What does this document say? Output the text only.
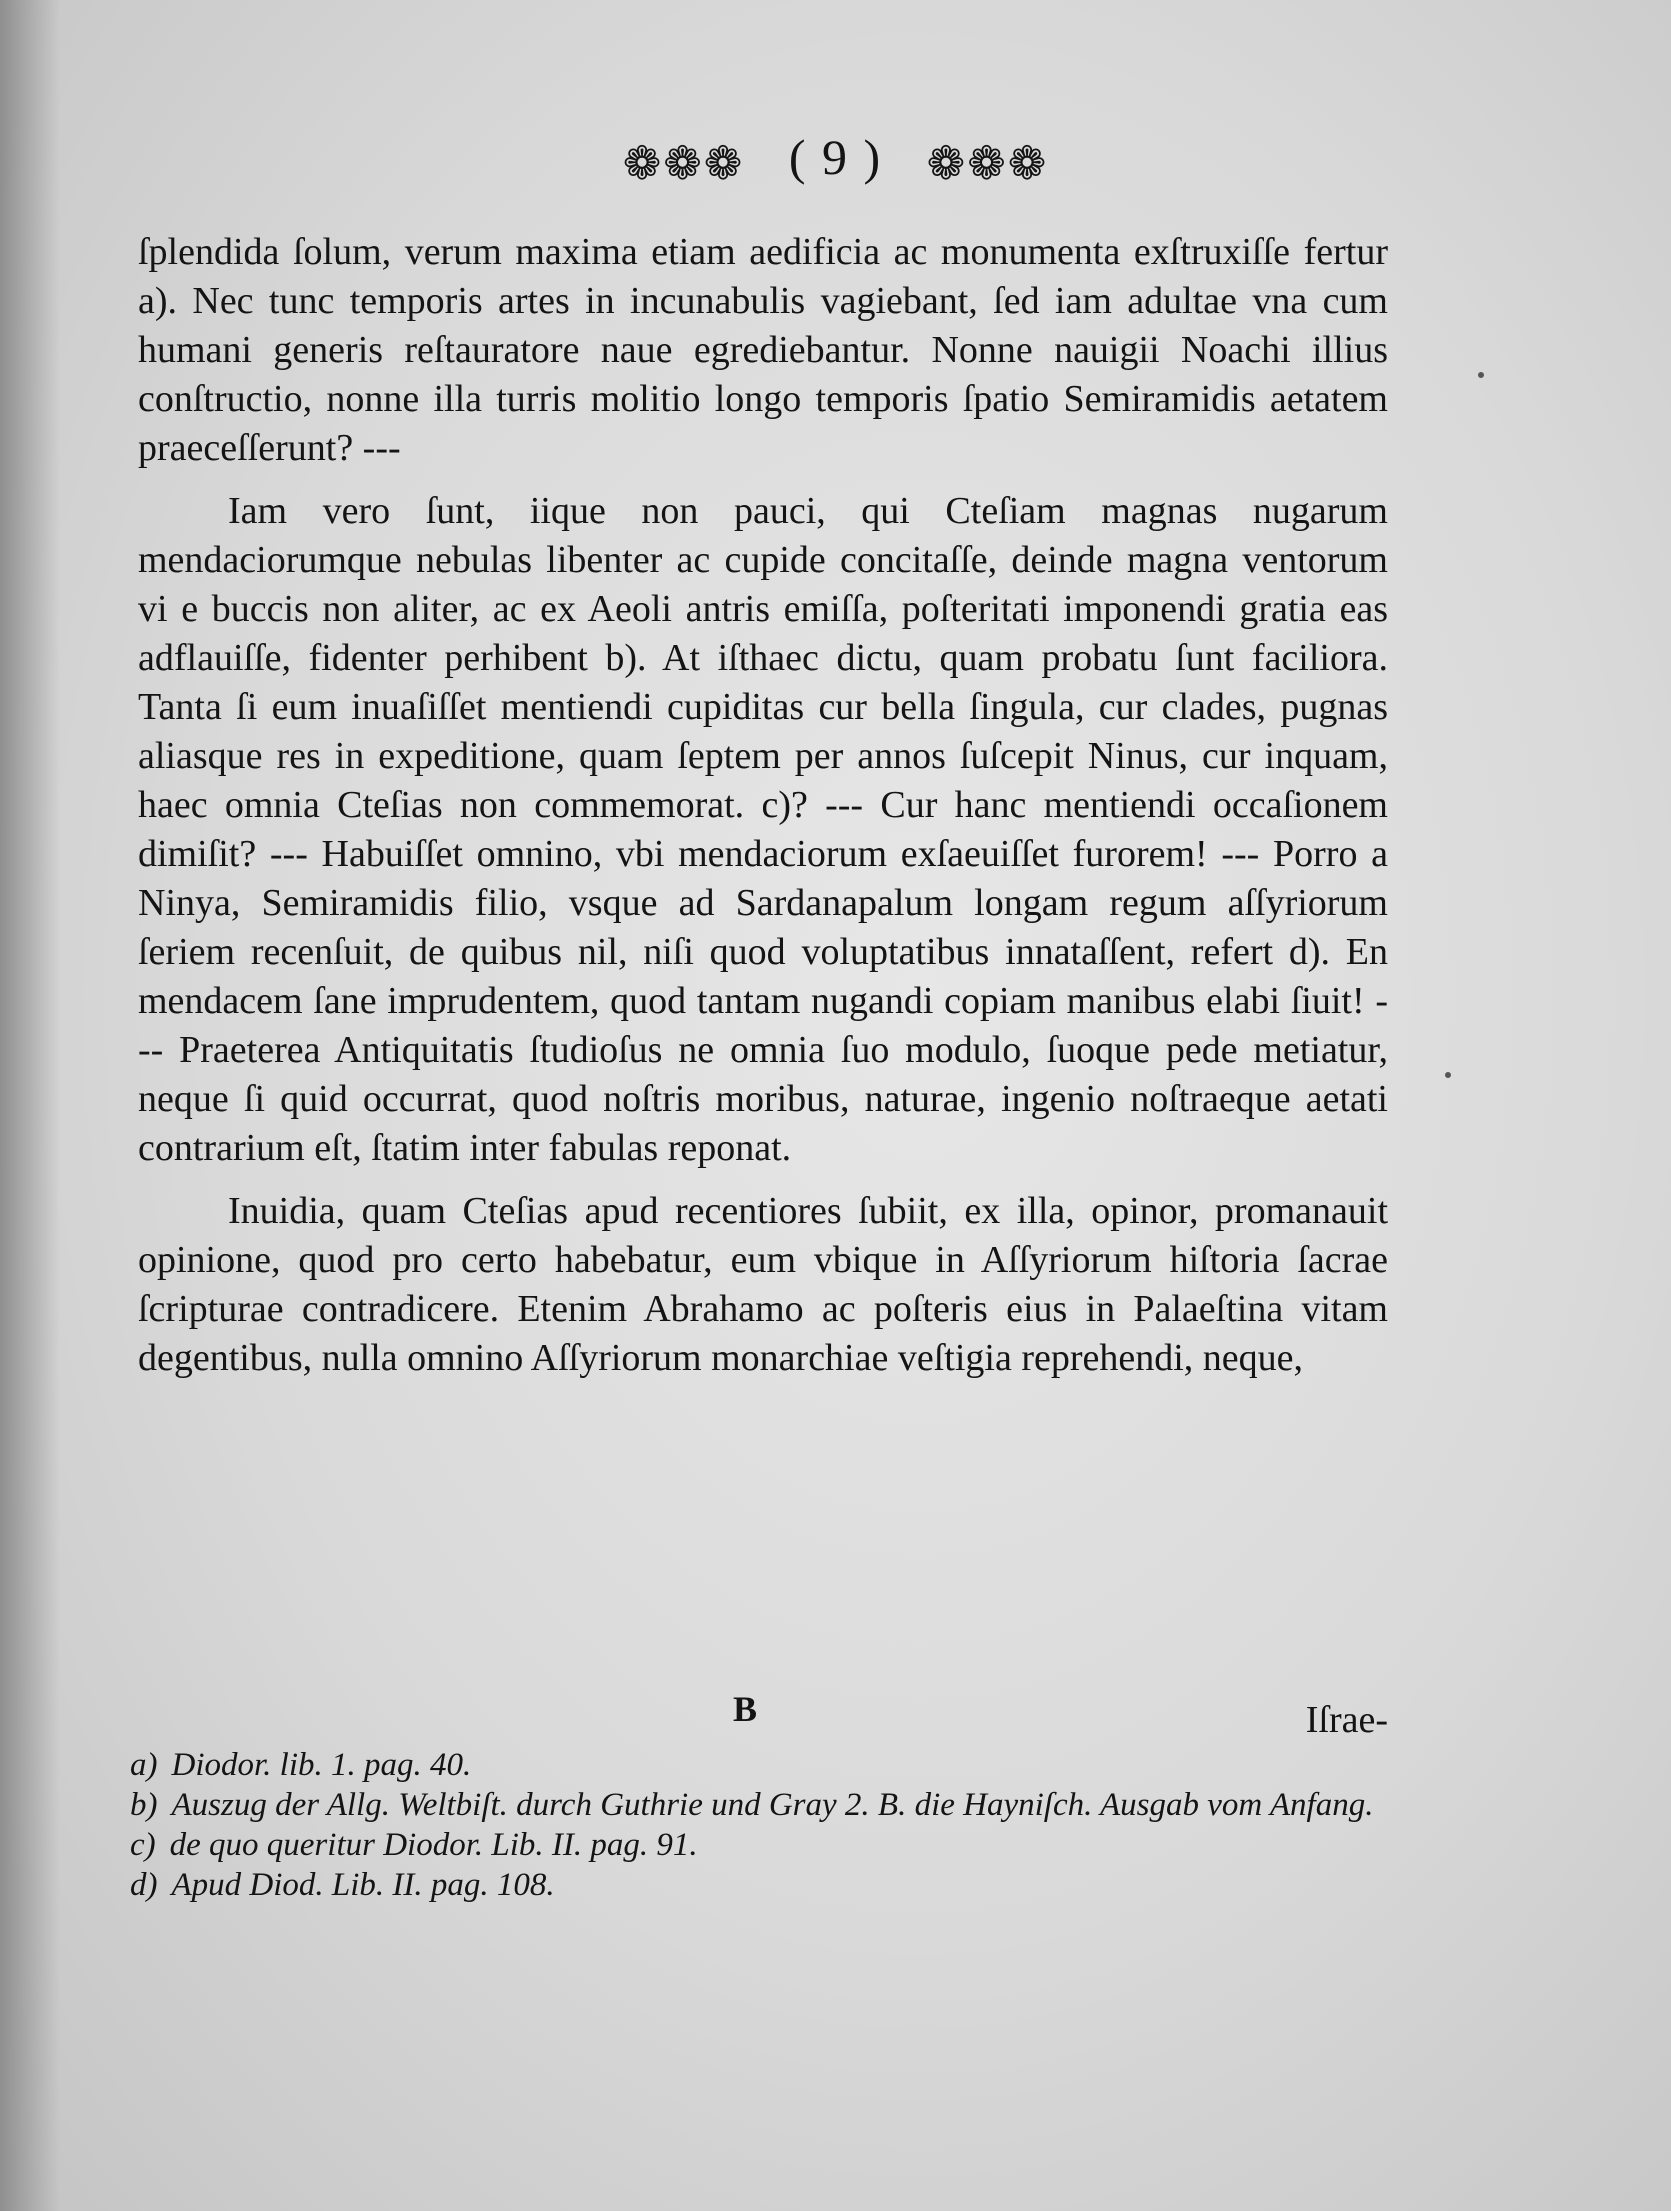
❁❁❁ ( 9 ) ❁❁❁

ſplendida ſolum, verum maxima etiam aedificia ac monumenta exſtruxiſſe fertur a). Nec tunc temporis artes in incunabulis vagiebant, ſed iam adultae vna cum humani generis reſtauratore naue egrediebantur. Nonne nauigii Noachi illius conſtructio, nonne illa turris molitio longo temporis ſpatio Semiramidis aetatem praeceſſerunt? ---

Iam vero ſunt, iique non pauci, qui Cteſiam magnas nugarum mendaciorumque nebulas libenter ac cupide concitaſſe, deinde magna ventorum vi e buccis non aliter, ac ex Aeoli antris emiſſa, poſteritati imponendi gratia eas adflauiſſe, fidenter perhibent b). At iſthaec dictu, quam probatu ſunt faciliora. Tanta ſi eum inuaſiſſet mentiendi cupiditas cur bella ſingula, cur clades, pugnas aliasque res in expeditione, quam ſeptem per annos ſuſcepit Ninus, cur inquam, haec omnia Cteſias non commemorat. c)? --- Cur hanc mentiendi occaſionem dimiſit? --- Habuiſſet omnino, vbi mendaciorum exſaeuiſſet furorem! --- Porro a Ninya, Semiramidis filio, vsque ad Sardanapalum longam regum aſſyriorum ſeriem recenſuit, de quibus nil, niſi quod voluptatibus innataſſent, refert d). En mendacem ſane imprudentem, quod tantam nugandi copiam manibus elabi ſiuit! --- Praeterea Antiquitatis ſtudioſus ne omnia ſuo modulo, ſuoque pede metiatur, neque ſi quid occurrat, quod noſtris moribus, naturae, ingenio noſtraeque aetati contrarium eſt, ſtatim inter fabulas reponat.

Inuidia, quam Cteſias apud recentiores ſubiit, ex illa, opinor, promanauit opinione, quod pro certo habebatur, eum vbique in Aſſyriorum hiſtoria ſacrae ſcripturae contradicere. Etenim Abrahamo ac poſteris eius in Palaeſtina vitam degentibus, nulla omnino Aſſyriorum monarchiae veſtigia reprehendi, neque,

B	Iſrae-

a) Diodor. lib. 1. pag. 40.

b) Auszug der Allg. Weltbiſt. durch Guthrie und Gray 2. B. die Hayniſch. Ausgab vom Anfang.

c) de quo queritur Diodor. Lib. II. pag. 91.

d) Apud Diod. Lib. II. pag. 108.
